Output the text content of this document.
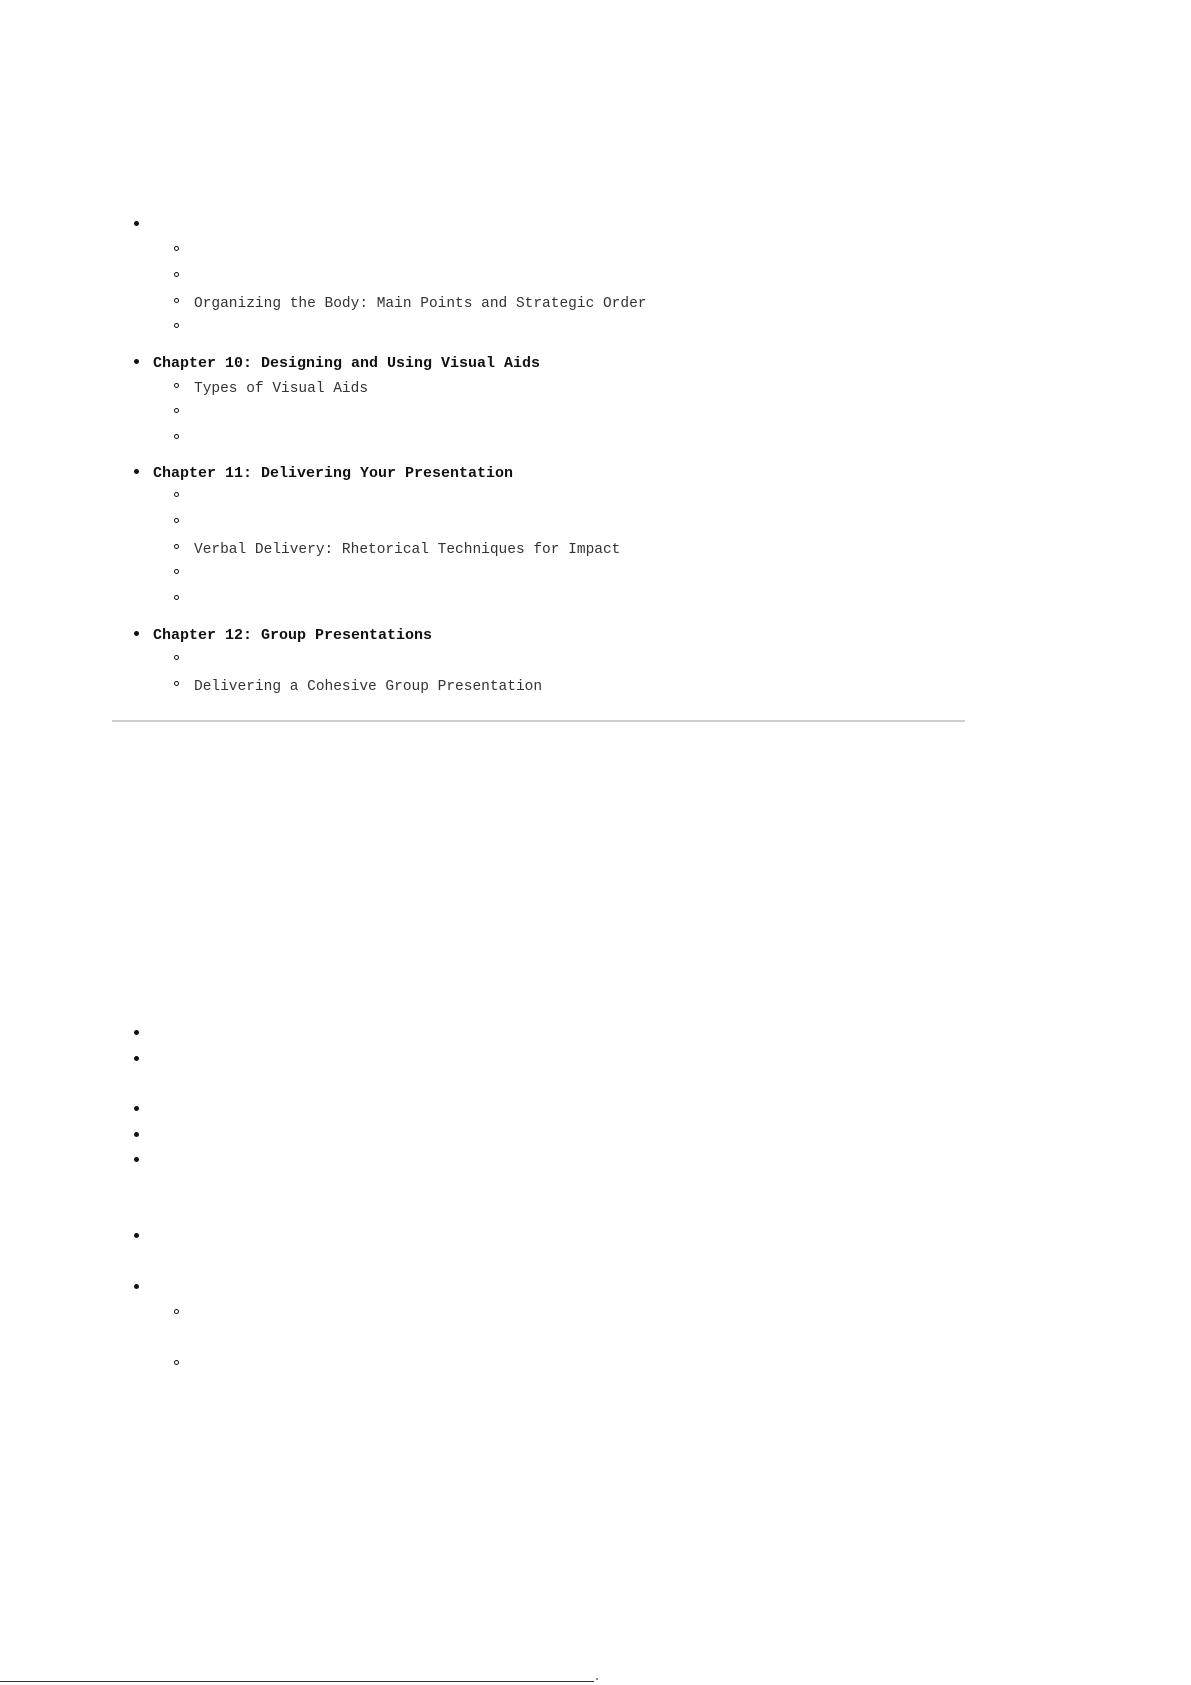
Organizing the Body: Main Points and Strategic Order
Chapter 10: Designing and Using Visual Aids
Types of Visual Aids
Chapter 11: Delivering Your Presentation
Verbal Delivery: Rhetorical Techniques for Impact
Chapter 12: Group Presentations
Delivering a Cohesive Group Presentation
